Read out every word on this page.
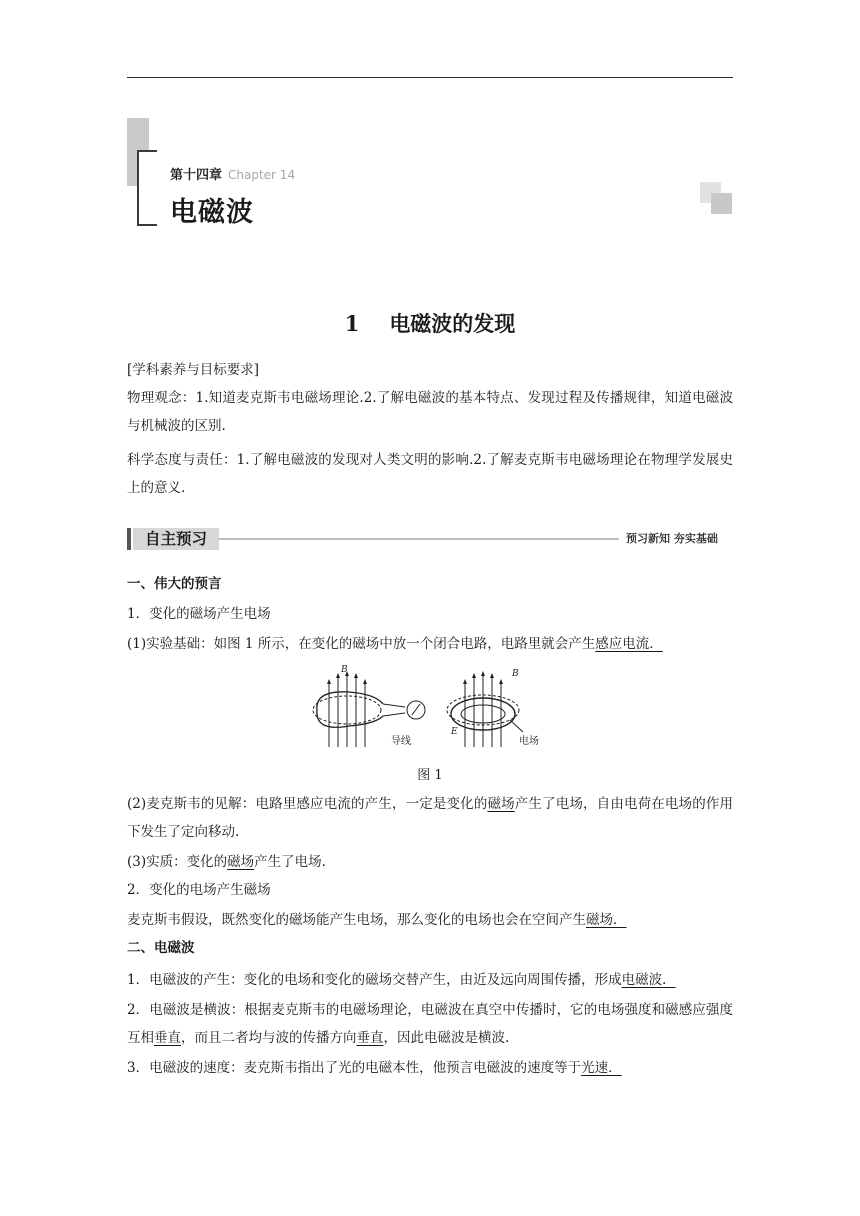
第十四章 Chapter 14
电磁波
1 电磁波的发现
[学科素养与目标要求]
物理观念：1.知道麦克斯韦电磁场理论.2.了解电磁波的基本特点、发现过程及传播规律，知道电磁波与机械波的区别.
科学态度与责任：1.了解电磁波的发现对人类文明的影响.2.了解麦克斯韦电磁场理论在物理学发展史上的意义.
自主预习	预习新知 夯实基础
一、伟大的预言
1．变化的磁场产生电场
(1)实验基础：如图 1 所示，在变化的磁场中放一个闭合电路，电路里就会产生感应电流．
B	B
E
导线	电场
图 1
(2)麦克斯韦的见解：电路里感应电流的产生，一定是变化的磁场产生了电场，自由电荷在电场的作用下发生了定向移动.
(3)实质：变化的磁场产生了电场.
2．变化的电场产生磁场
麦克斯韦假设，既然变化的磁场能产生电场，那么变化的电场也会在空间产生磁场．
二、电磁波
1．电磁波的产生：变化的电场和变化的磁场交替产生，由近及远向周围传播，形成电磁波．
2．电磁波是横波：根据麦克斯韦的电磁场理论，电磁波在真空中传播时，它的电场强度和磁感应强度互相垂直，而且二者均与波的传播方向垂直，因此电磁波是横波.
3．电磁波的速度：麦克斯韦指出了光的电磁本性，他预言电磁波的速度等于光速．
